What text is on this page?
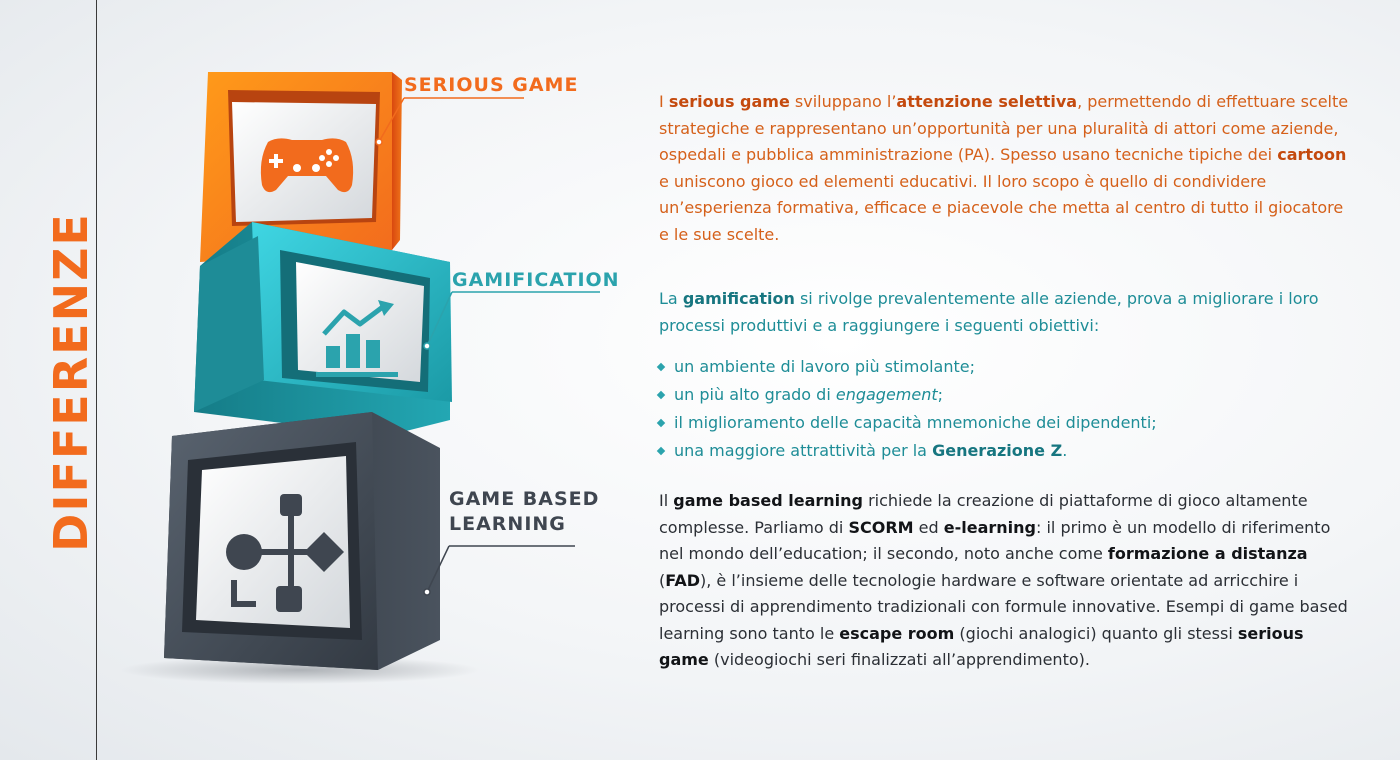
DIFFERENZE
SERIOUS GAME
GAMIFICATION
GAME BASED
LEARNING
I serious game sviluppano l’attenzione selettiva, permettendo di effettuare scelte strategiche e rappresentano un’opportunità per una pluralità di attori come aziende, ospedali e pubblica amministrazione (PA). Spesso usano tecniche tipiche dei cartoon e uniscono gioco ed elementi educativi. Il loro scopo è quello di condividere un’esperienza formativa, efficace e piacevole che metta al centro di tutto il giocatore e le sue scelte.
La gamification si rivolge prevalentemente alle aziende, prova a migliorare i loro processi produttivi e a raggiungere i seguenti obiettivi:
un ambiente di lavoro più stimolante;
un più alto grado di engagement;
il miglioramento delle capacità mnemoniche dei dipendenti;
una maggiore attrattività per la Generazione Z.
Il game based learning richiede la creazione di piattaforme di gioco altamente complesse. Parliamo di SCORM ed e-learning: il primo è un modello di riferimento nel mondo dell’education; il secondo, noto anche come formazione a distanza (FAD), è l’insieme delle tecnologie hardware e software orientate ad arricchire i processi di apprendimento tradizionali con formule innovative. Esempi di game based learning sono tanto le escape room (giochi analogici) quanto gli stessi serious game (videogiochi seri finalizzati all’apprendimento).
